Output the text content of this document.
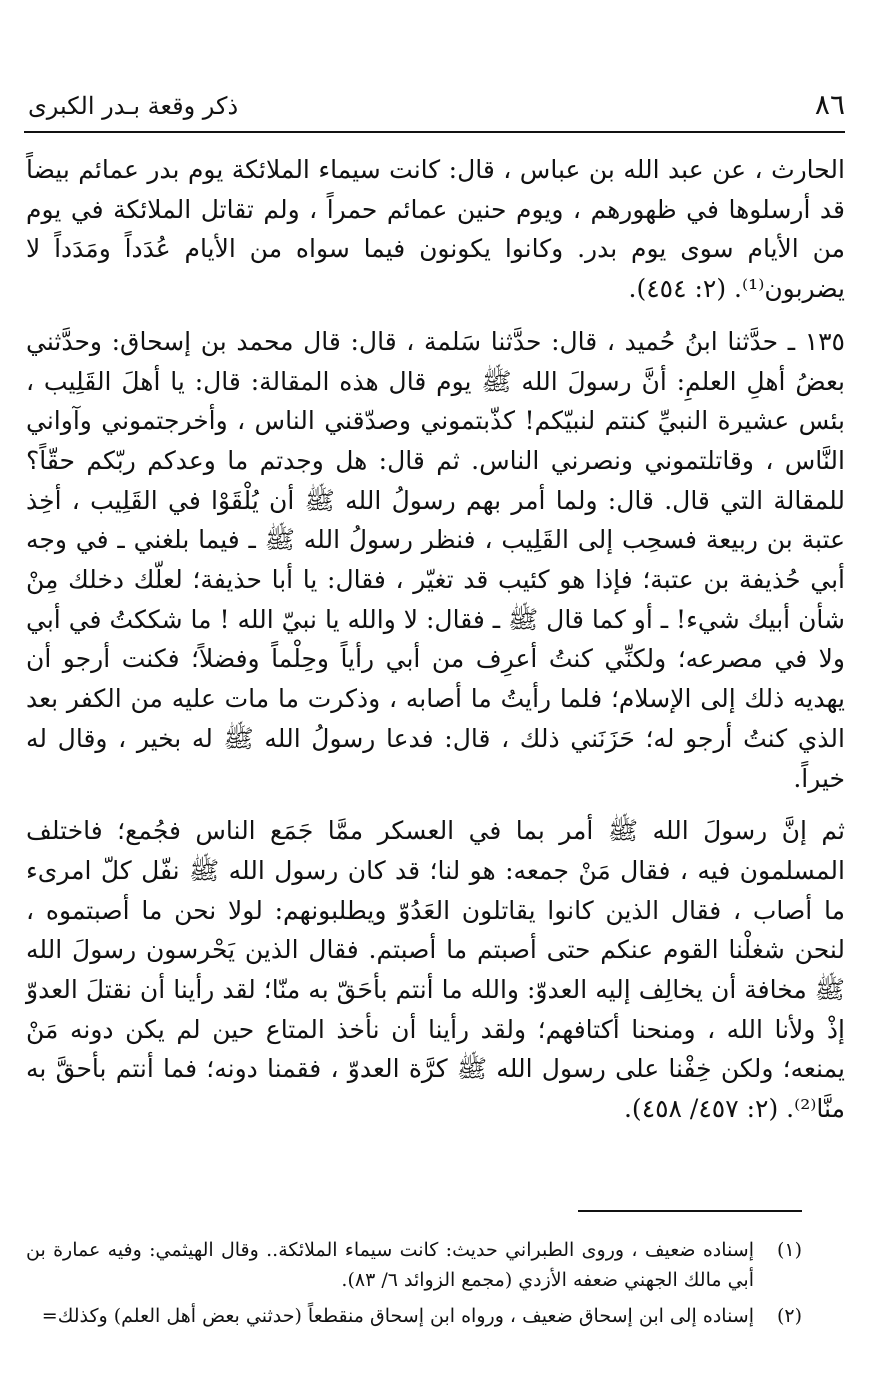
٨٦
ذكر وقعة بـدر الكبرى

الحارث ، عن عبد الله بن عباس ، قال: كانت سيماء الملائكة يوم بدر عمائم بيضاً قد أرسلوها في ظهورهم ، ويوم حنين عمائم حمراً ، ولم تقاتل الملائكة في يوم من الأيام سوى يوم بدر. وكانوا يكونون فيما سواه من الأيام عُدَداً ومَدَداً لا يضربون⁽¹⁾. (٢: ٤٥٤).

١٣٥ ـ حدَّثنا ابنُ حُميد ، قال: حدَّثنا سَلمة ، قال: قال محمد بن إسحاق: وحدَّثني بعضُ أهلِ العلمِ: أنَّ رسولَ الله ﷺ يوم قال هذه المقالة: قال: يا أهلَ القَلِيب ، بئس عشيرة النبيِّ كنتم لنبيّكم! كذّبتموني وصدّقني الناس ، وأخرجتموني وآواني النَّاس ، وقاتلتموني ونصرني الناس. ثم قال: هل وجدتم ما وعدكم ربّكم حقّاً؟ للمقالة التي قال. قال: ولما أمر بهم رسولُ الله ﷺ أن يُلْقَوْا في القَلِيب ، أخِذ عتبة بن ربيعة فسحِب إلى القَلِيب ، فنظر رسولُ الله ﷺ ـ فيما بلغني ـ في وجه أبي حُذيفة بن عتبة؛ فإذا هو كئيب قد تغيّر ، فقال: يا أبا حذيفة؛ لعلّك دخلك مِنْ شأن أبيك شيء! ـ أو كما قال ﷺ ـ فقال: لا والله يا نبيّ الله ! ما شككتُ في أبي ولا في مصرعه؛ ولكنِّي كنتُ أعرِف من أبي رأياً وحِلْماً وفضلاً؛ فكنت أرجو أن يهديه ذلك إلى الإسلام؛ فلما رأيتُ ما أصابه ، وذكرت ما مات عليه من الكفر بعد الذي كنتُ أرجو له؛ حَزَنَني ذلك ، قال: فدعا رسولُ الله ﷺ له بخير ، وقال له خيراً.

ثم إنَّ رسولَ الله ﷺ أمر بما في العسكر ممَّا جَمَع الناس فجُمع؛ فاختلف المسلمون فيه ، فقال مَنْ جمعه: هو لنا؛ قد كان رسول الله ﷺ نفّل كلّ امرىء ما أصاب ، فقال الذين كانوا يقاتلون العَدُوّ ويطلبونهم: لولا نحن ما أصبتموه ، لنحن شغلْنا القوم عنكم حتى أصبتم ما أصبتم. فقال الذين يَحْرسون رسولَ الله ﷺ مخافة أن يخالِف إليه العدوّ: والله ما أنتم بأحَقّ به منّا؛ لقد رأينا أن نقتلَ العدوّ إذْ ولأنا الله ، ومنحنا أكتافهم؛ ولقد رأينا أن نأخذ المتاع حين لم يكن دونه مَنْ يمنعه؛ ولكن خِفْنا على رسول الله ﷺ كرَّة العدوّ ، فقمنا دونه؛ فما أنتم بأحقَّ به منَّا⁽²⁾. (٢: ٤٥٧/ ٤٥٨).

(١)
إسناده ضعيف ، وروى الطبراني حديث: كانت سيماء الملائكة.. وقال الهيثمي: وفيه عمارة بن أبي مالك الجهني ضعفه الأزدي (مجمع الزوائد ٦/ ٨٣).
(٢)
إسناده إلى ابن إسحاق ضعيف ، ورواه ابن إسحاق منقطعاً (حدثني بعض أهل العلم) وكذلك=
